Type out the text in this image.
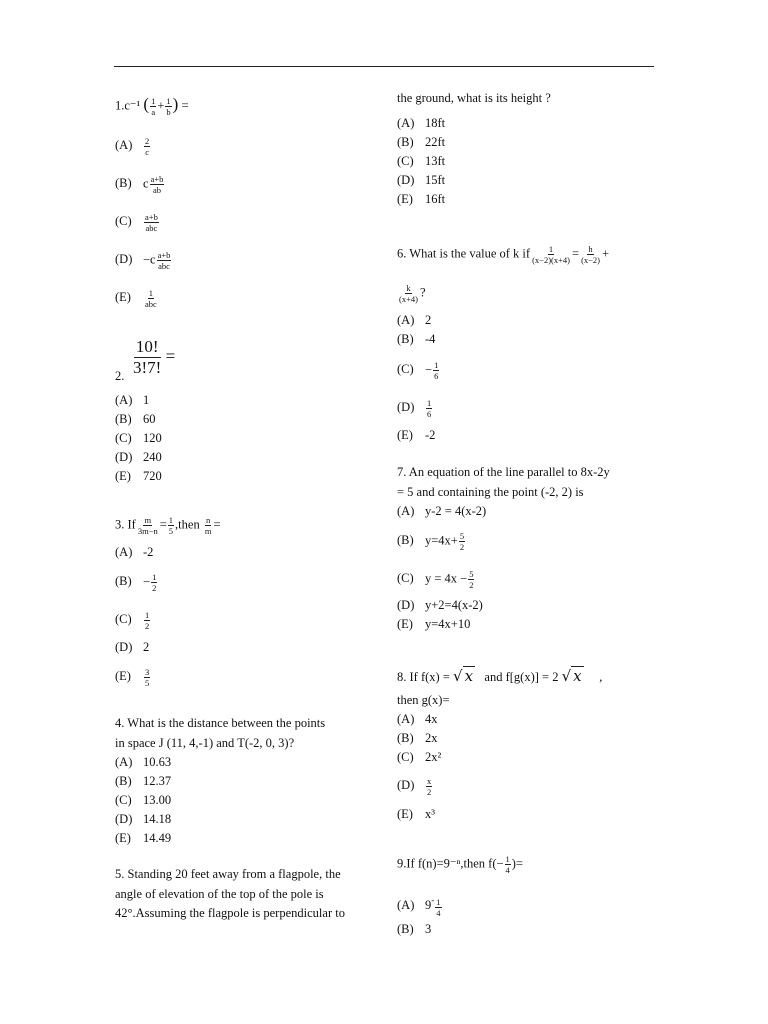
1.c⁻¹ ( $\frac{1}{a} + \frac{1}{b}$ ) =
$(A) \frac{2}{c}$
(B) c $\frac{a+b}{ab}$
(C) a+b
abc
(D) −c a+b
abc
(E) 1
abc
2. $\frac{10!}{3!7!}$ =
(A) 1
(B) 60
(C) 120
(D) 240
(E) 720
3. If $\frac{m}{3m-n} = \frac{1}{5}$ ,then $\frac{n}{m}$ =
(A) -2
$(B) - \frac{1}{2}$
$(C) \frac{1}{2}$
(D) 2
$(E) \frac{3}{5}$
4. What is the distance between the points
in space J (11, 4,-1) and T(-2, 0, 3)?
(A) 10.63
(B) 12.37
(C) 13.00
(D) 14.18
(E) 14.49
5. Standing 20 feet away from a flagpole, the
angle of elevation of the top of the pole is
42°.Assuming the flagpole is perpendicular to
the ground, what is its height ?
(A) 18ft
(B) 22ft
(C) 13ft
(D) 15ft
(E) 16ft
6. What is the value of k if $\frac{1}{(x-2)(x+4)} = \frac{h}{(x-2)}$ +
$\frac{k}{(x+4)}$ ?
(A) 2
(B) -4
$(C) - \frac{1}{6}$
$(D) \frac{1}{6}$
(E) -2
7. An equation of the line parallel to 8x-2y
= 5 and containing the point (-2, 2) is
(A) y-2 = 4(x-2)
(B) $y=4x+ \frac{5}{2}$
(C) $y = 4x - \frac{5}{2}$
(D) y+2=4(x-2)
(E) y=4x+10
8. If f(x) = √ x and f[g(x)] = 2 √ x ,
then g(x)=
(A) 4x
(B) 2x
(C) 2x²
$(D) \frac{x}{2}$
(E) x³
9.If f(n)=9⁻ⁿ,then $f(- \frac{1}{4}$ )=
(A) $9^- \frac{1}{4}$
(B) 3
